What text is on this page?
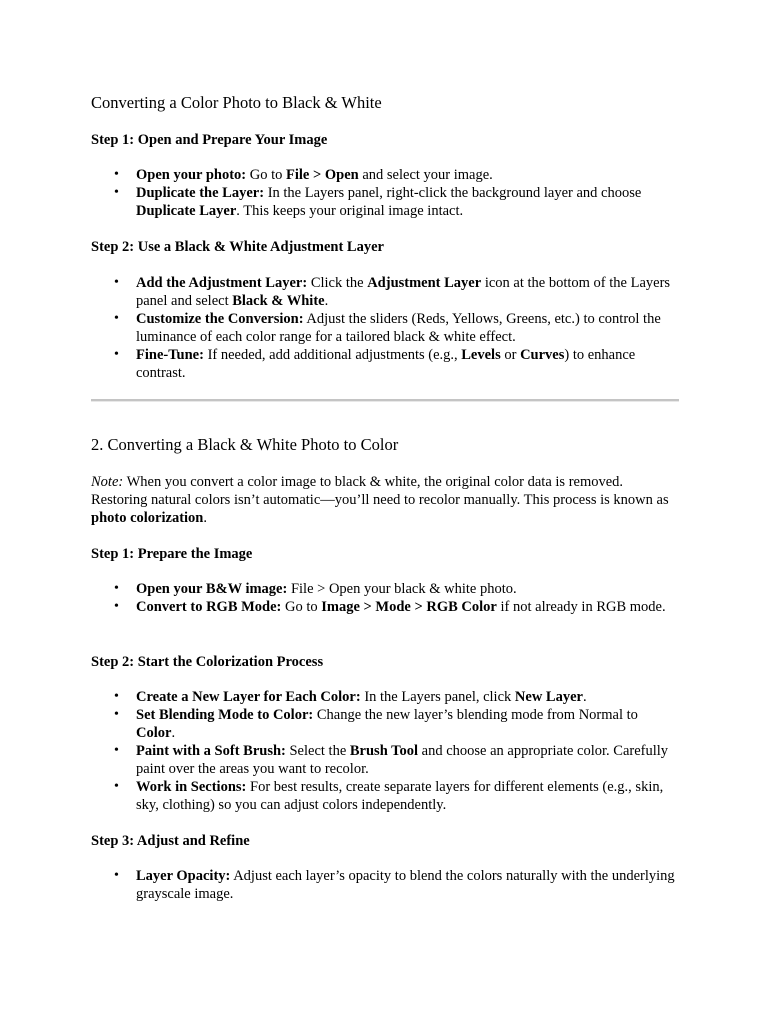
Converting a Color Photo to Black & White

Step 1: Open and Prepare Your Image

• Open your photo: Go to File > Open and select your image.
• Duplicate the Layer: In the Layers panel, right-click the background layer and choose Duplicate Layer. This keeps your original image intact.

Step 2: Use a Black & White Adjustment Layer

• Add the Adjustment Layer: Click the Adjustment Layer icon at the bottom of the Layers panel and select Black & White.
• Customize the Conversion: Adjust the sliders (Reds, Yellows, Greens, etc.) to control the luminance of each color range for a tailored black & white effect.
• Fine-Tune: If needed, add additional adjustments (e.g., Levels or Curves) to enhance contrast.
2. Converting a Black & White Photo to Color

Note: When you convert a color image to black & white, the original color data is removed. Restoring natural colors isn’t automatic—you’ll need to recolor manually. This process is known as photo colorization.

Step 1: Prepare the Image

• Open your B&W image: File > Open your black & white photo.
• Convert to RGB Mode: Go to Image > Mode > RGB Color if not already in RGB mode.

Step 2: Start the Colorization Process

• Create a New Layer for Each Color: In the Layers panel, click New Layer.
• Set Blending Mode to Color: Change the new layer’s blending mode from Normal to Color.
• Paint with a Soft Brush: Select the Brush Tool and choose an appropriate color. Carefully paint over the areas you want to recolor.
• Work in Sections: For best results, create separate layers for different elements (e.g., skin, sky, clothing) so you can adjust colors independently.

Step 3: Adjust and Refine

• Layer Opacity: Adjust each layer’s opacity to blend the colors naturally with the underlying grayscale image.
